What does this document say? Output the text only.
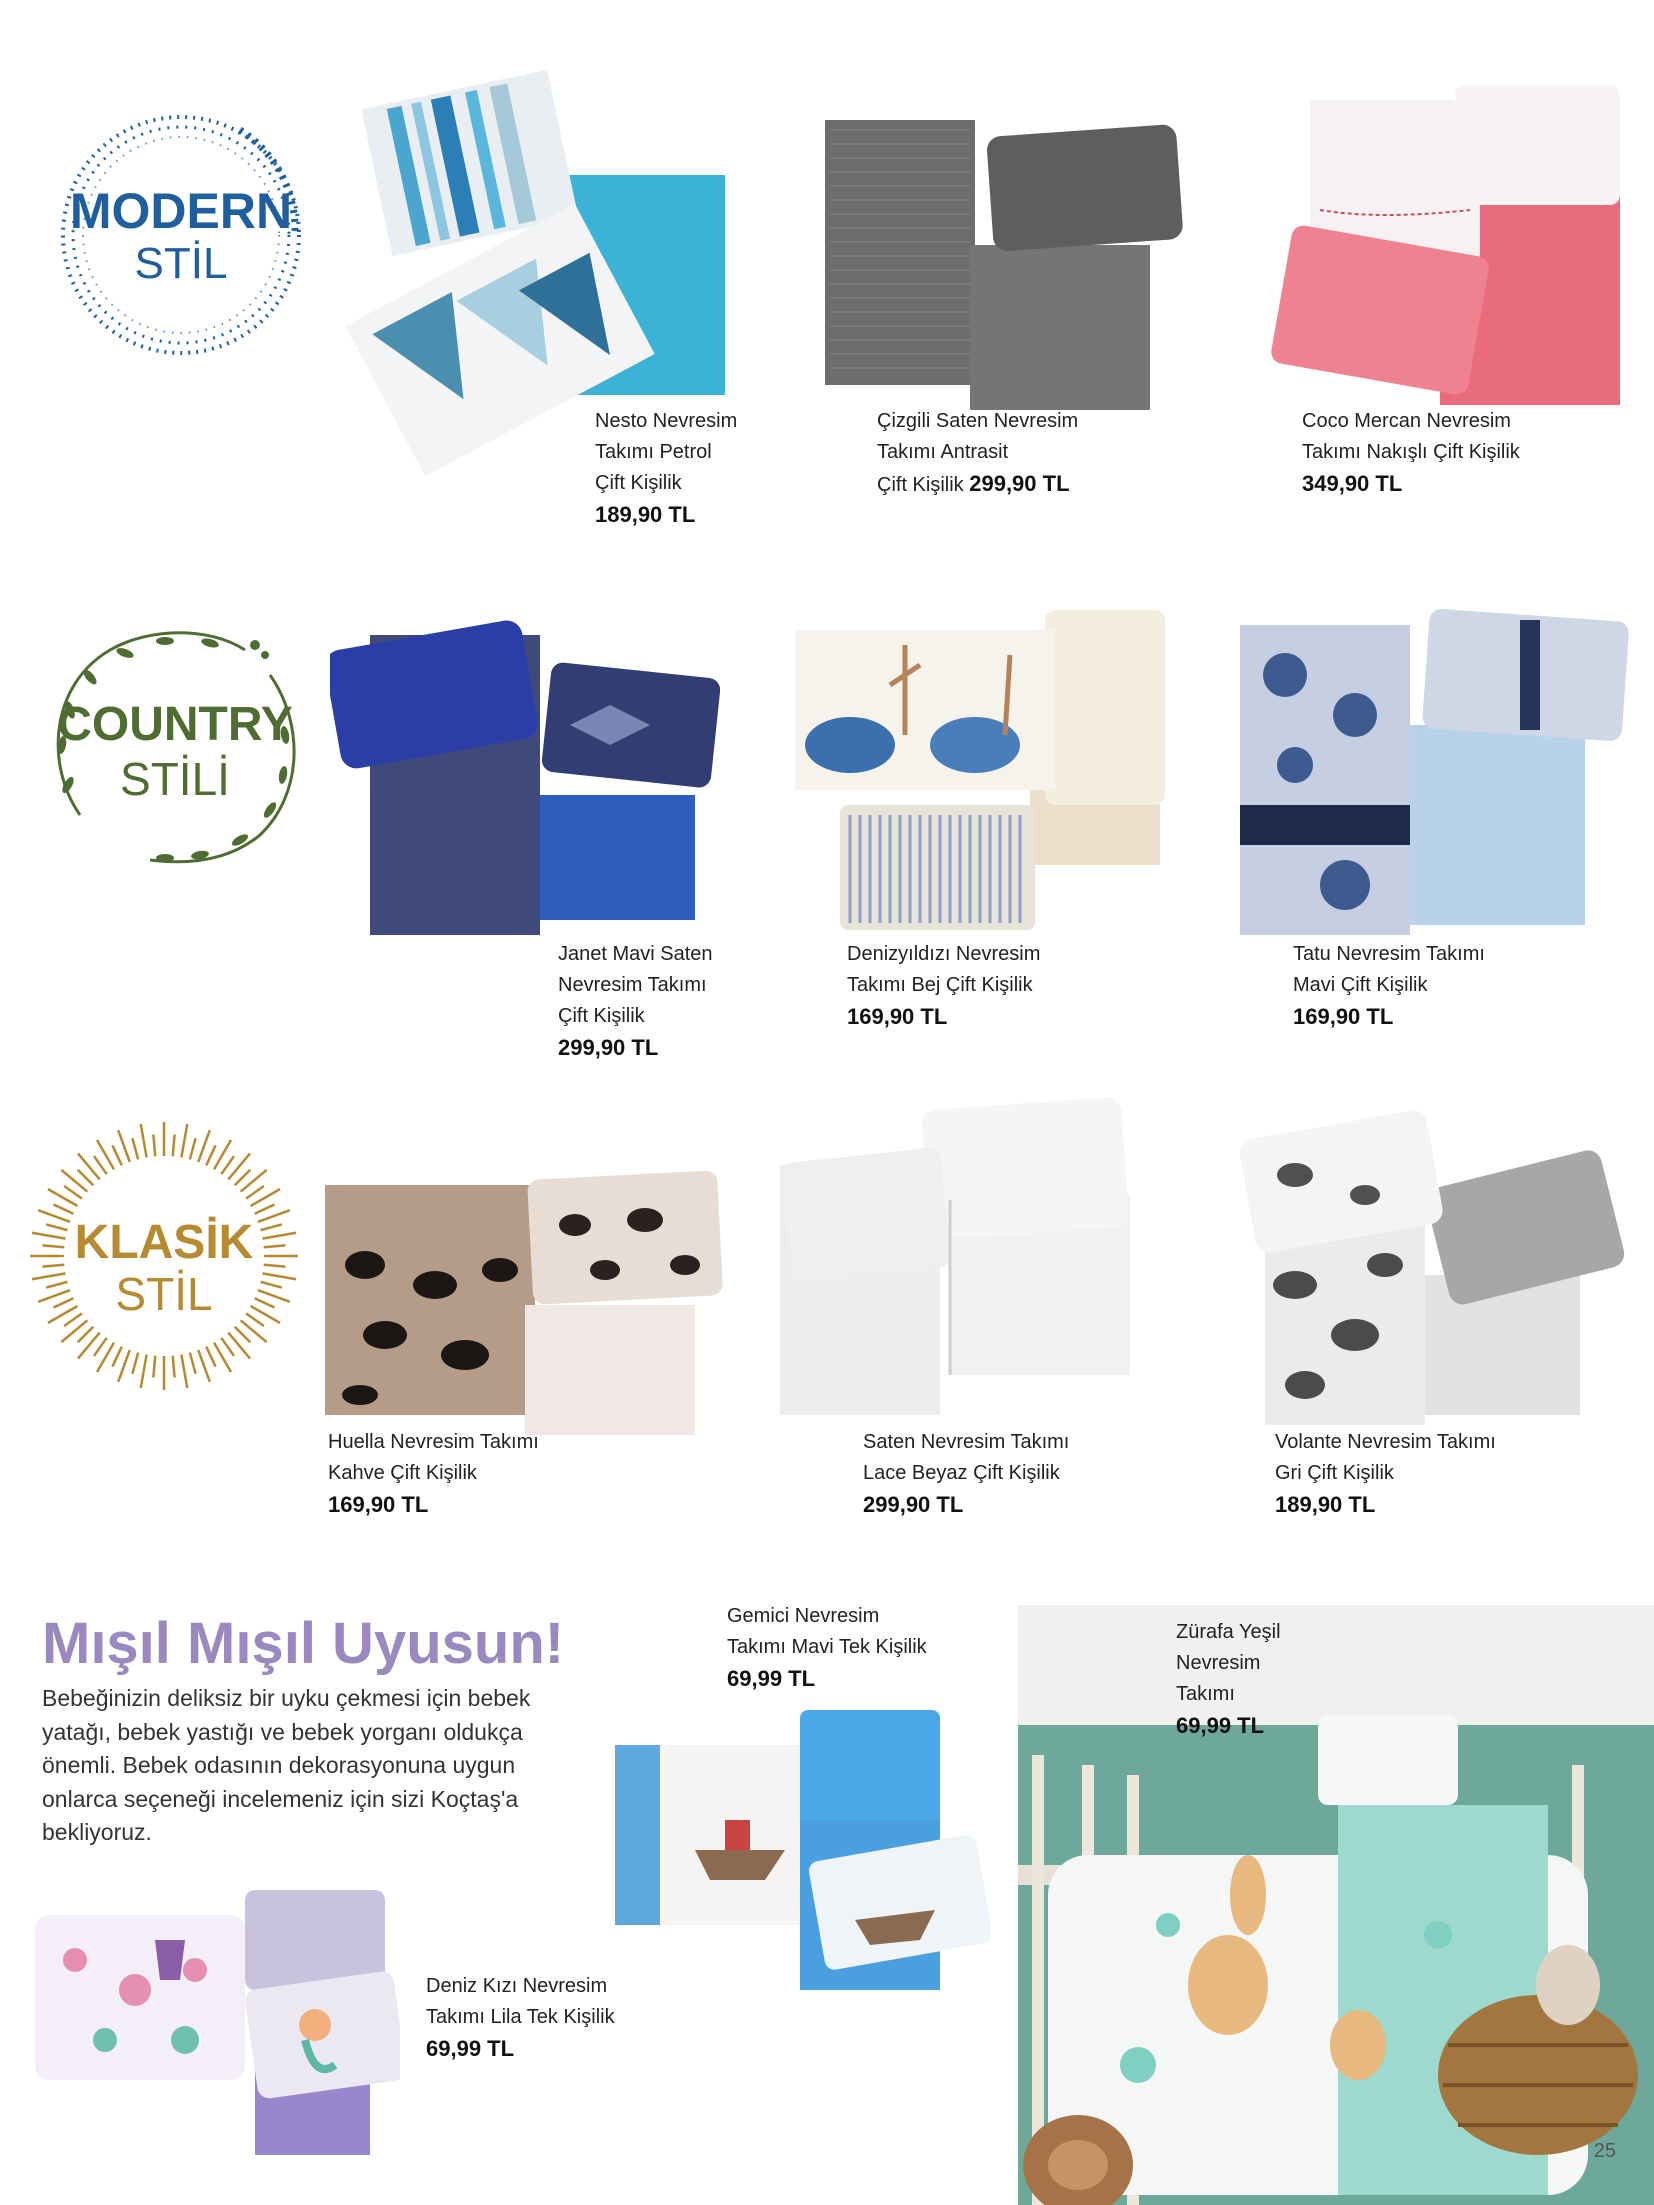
MODERN
STİL
COUNTRY
STİLİ
KLASİK
STİL
Nesto Nevresim
Takımı Petrol
Çift Kişilik
189,90 TL
Çizgili Saten Nevresim
Takımı Antrasit
Çift Kişilik 299,90 TL
Coco Mercan Nevresim
Takımı Nakışlı Çift Kişilik
349,90 TL
Janet Mavi Saten
Nevresim Takımı
Çift Kişilik
299,90 TL
Denizyıldızı Nevresim
Takımı Bej Çift Kişilik
169,90 TL
Tatu Nevresim Takımı
Mavi Çift Kişilik
169,90 TL
Huella Nevresim Takımı
Kahve Çift Kişilik
169,90 TL
Saten Nevresim Takımı
Lace Beyaz Çift Kişilik
299,90 TL
Volante Nevresim Takımı
Gri Çift Kişilik
189,90 TL
Gemici Nevresim
Takımı Mavi Tek Kişilik
69,99 TL
Zürafa Yeşil
Nevresim
Takımı
69,99 TL
Deniz Kızı Nevresim
Takımı Lila Tek Kişilik
69,99 TL
Mışıl Mışıl Uyusun!
Bebeğinizin deliksiz bir uyku çekmesi için bebek
yatağı, bebek yastığı ve bebek yorganı oldukça
önemli. Bebek odasının dekorasyonuna uygun
onlarca seçeneği incelemeniz için sizi Koçtaş'a
bekliyoruz.
25
